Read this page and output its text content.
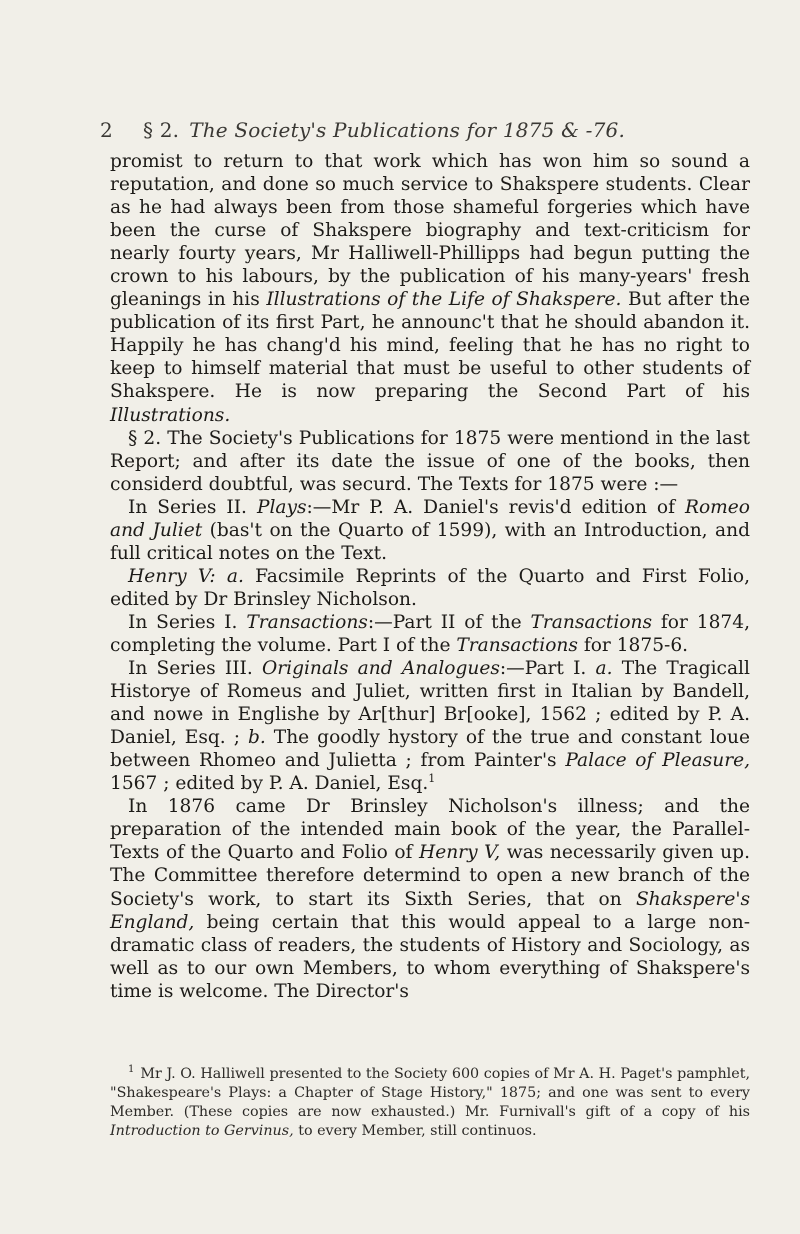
2 § 2. The Society's Publications for 1875 & -76.

promist to return to that work which has won him so sound a reputation, and done so much service to Shakspere students. Clear as he had always been from those shameful forgeries which have been the curse of Shakspere biography and text-criticism for nearly fourty years, Mr Halliwell-Phillipps had begun putting the crown to his labours, by the publication of his many-years' fresh gleanings in his Illustrations of the Life of Shakspere. But after the publication of its first Part, he announc't that he should abandon it. Happily he has chang'd his mind, feeling that he has no right to keep to himself material that must be useful to other students of Shakspere. He is now preparing the Second Part of his Illustrations.

§ 2. The Society's Publications for 1875 were mentiond in the last Report; and after its date the issue of one of the books, then considerd doubtful, was securd. The Texts for 1875 were :—

In Series II. Plays:—Mr P. A. Daniel's revis'd edition of Romeo and Juliet (bas't on the Quarto of 1599), with an Introduction, and full critical notes on the Text.

Henry V: a. Facsimile Reprints of the Quarto and First Folio, edited by Dr Brinsley Nicholson.

In Series I. Transactions:—Part II of the Transactions for 1874, completing the volume. Part I of the Transactions for 1875-6.

In Series III. Originals and Analogues:—Part I. a. The Tragicall Historye of Romeus and Juliet, written first in Italian by Bandell, and nowe in Englishe by Ar[thur] Br[ooke], 1562 ; edited by P. A. Daniel, Esq. ; b. The goodly hystory of the true and constant loue between Rhomeo and Julietta ; from Painter's Palace of Pleasure, 1567 ; edited by P. A. Daniel, Esq.$^1$

In 1876 came Dr Brinsley Nicholson's illness; and the preparation of the intended main book of the year, the Parallel-Texts of the Quarto and Folio of Henry V, was necessarily given up. The Committee therefore determind to open a new branch of the Society's work, to start its Sixth Series, that on Shakspere's England, being certain that this would appeal to a large non-dramatic class of readers, the students of History and Sociology, as well as to our own Members, to whom everything of Shakspere's time is welcome. The Director's

$^1$ Mr J. O. Halliwell presented to the Society 600 copies of Mr A. H. Paget's pamphlet, "Shakespeare's Plays: a Chapter of Stage History," 1875; and one was sent to every Member. (These copies are now exhausted.) Mr. Furnivall's gift of a copy of his Introduction to Gervinus, to every Member, still continuos.
